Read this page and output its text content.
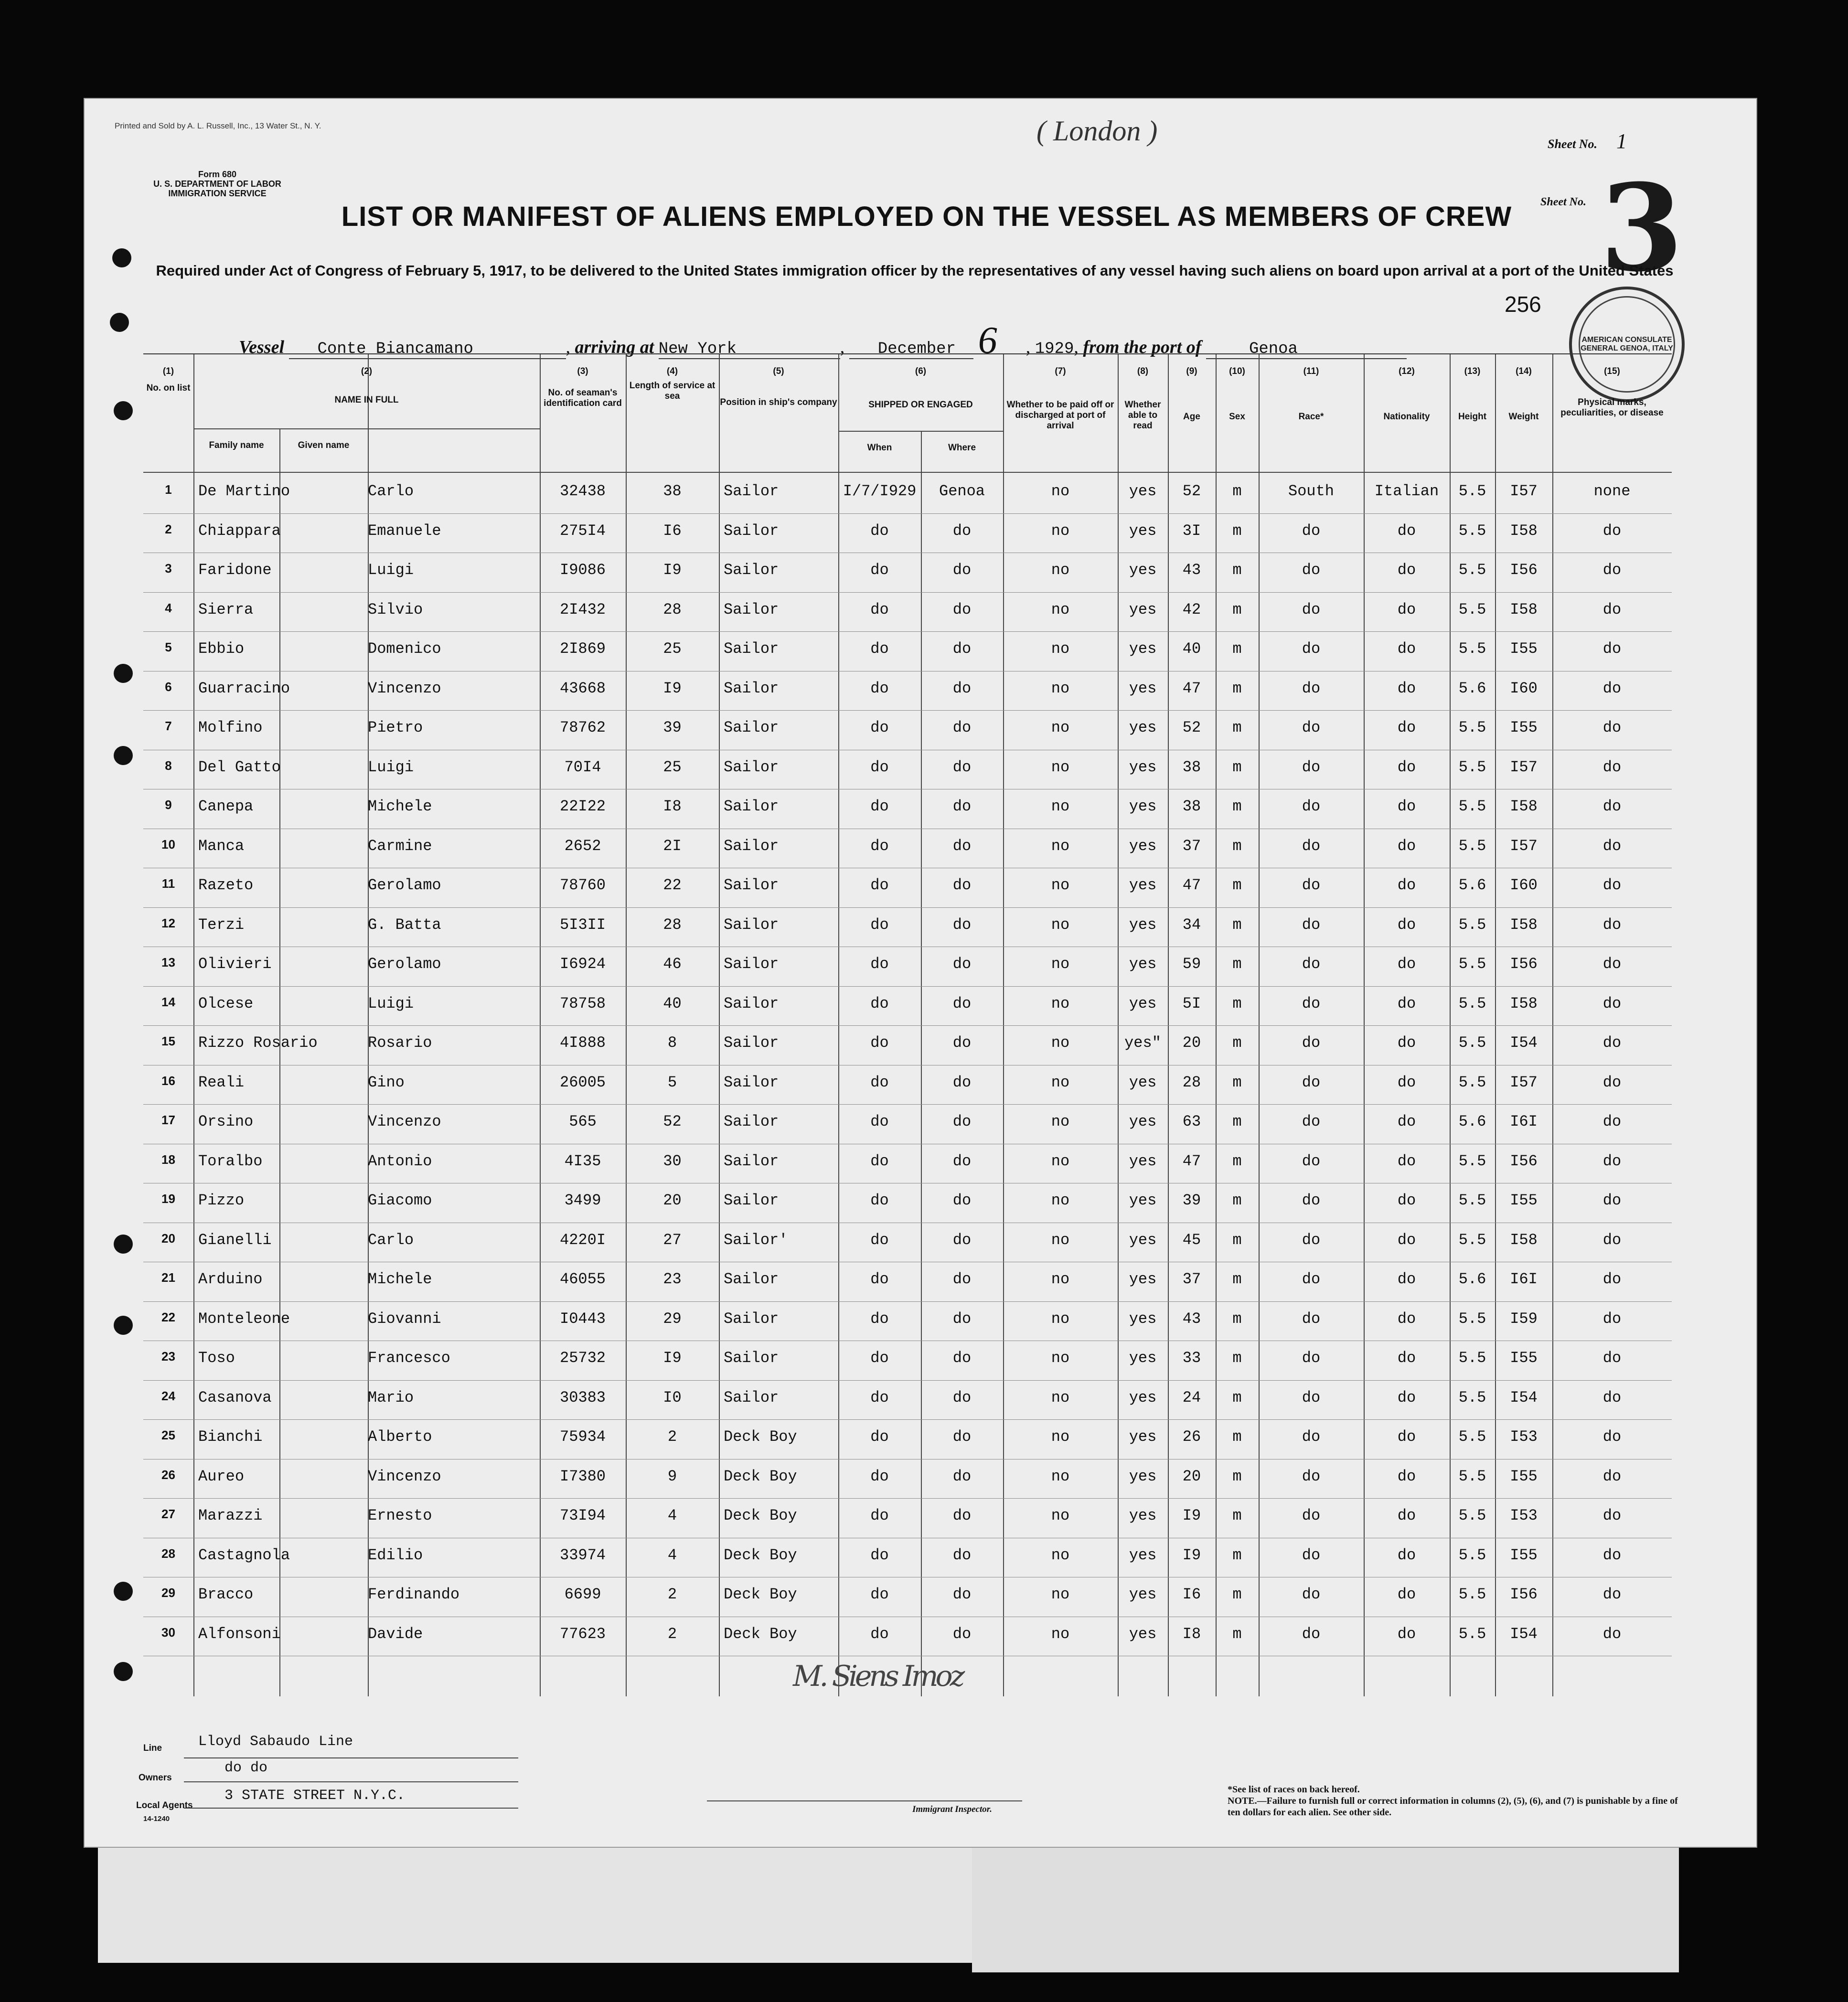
Printed and Sold by A. L. Russell, Inc., 13 Water St., N. Y.	( London )	Sheet No. 1
Form 680
U. S. DEPARTMENT OF LABOR
IMMIGRATION SERVICE
LIST OR MANIFEST OF ALIENS EMPLOYED ON THE VESSEL AS MEMBERS OF CREW	Sheet No. 3
Required under Act of Congress of February 5, 1917, to be delivered to the United States immigration officer by the representatives of any vessel having such aliens on board upon arrival at a port of the United States
256
AMERICAN CONSULATE GENERAL GENOA, ITALY
Vessel Conte Biancamano	, arriving at New York	, December 6 , 1929, from the port of	Genoa
(1)
No. on list
(3)
No. of seaman's identification card
(4)
Length of service at sea
(5)
Position in ship's company
(7)
Whether to be paid off or discharged at port of arrival
(8)
Whether able to read
(9)
Age
(10)
Sex
(11)
Race*
(12)
Nationality
(13)
Height
(14)
Weight
(15)
Physical marks, peculiarities, or disease
(2)
NAME IN FULL
Family name	Given name
(6)
SHIPPED OR ENGAGED
When	Where
1	De Martino	Carlo	32438	38	Sailor	I/7/I929	Genoa	no	yes	52	m	South	Italian	5.5	I57	none
2	Chiappara	Emanuele	275I4	I6	Sailor	do	do	no	yes	3I	m	do	do	5.5	I58	do
3	Faridone	Luigi	I9086	I9	Sailor	do	do	no	yes	43	m	do	do	5.5	I56	do
4	Sierra	Silvio	2I432	28	Sailor	do	do	no	yes	42	m	do	do	5.5	I58	do
5	Ebbio	Domenico	2I869	25	Sailor	do	do	no	yes	40	m	do	do	5.5	I55	do
6	Guarracino	Vincenzo	43668	I9	Sailor	do	do	no	yes	47	m	do	do	5.6	I60	do
7	Molfino	Pietro	78762	39	Sailor	do	do	no	yes	52	m	do	do	5.5	I55	do
8	Del Gatto	Luigi	70I4	25	Sailor	do	do	no	yes	38	m	do	do	5.5	I57	do
9	Canepa	Michele	22I22	I8	Sailor	do	do	no	yes	38	m	do	do	5.5	I58	do
10	Manca	Carmine	2652	2I	Sailor	do	do	no	yes	37	m	do	do	5.5	I57	do
11	Razeto	Gerolamo	78760	22	Sailor	do	do	no	yes	47	m	do	do	5.6	I60	do
12	Terzi	G. Batta	5I3II	28	Sailor	do	do	no	yes	34	m	do	do	5.5	I58	do
13	Olivieri	Gerolamo	I6924	46	Sailor	do	do	no	yes	59	m	do	do	5.5	I56	do
14	Olcese	Luigi	78758	40	Sailor	do	do	no	yes	5I	m	do	do	5.5	I58	do
15	Rizzo Rosario	Rosario	4I888	8	Sailor	do	do	no	yes"	20	m	do	do	5.5	I54	do
16	Reali	Gino	26005	5	Sailor	do	do	no	yes	28	m	do	do	5.5	I57	do
17	Orsino	Vincenzo	565	52	Sailor	do	do	no	yes	63	m	do	do	5.6	I6I	do
18	Toralbo	Antonio	4I35	30	Sailor	do	do	no	yes	47	m	do	do	5.5	I56	do
19	Pizzo	Giacomo	3499	20	Sailor	do	do	no	yes	39	m	do	do	5.5	I55	do
20	Gianelli	Carlo	4220I	27	Sailor'	do	do	no	yes	45	m	do	do	5.5	I58	do
21	Arduino	Michele	46055	23	Sailor	do	do	no	yes	37	m	do	do	5.6	I6I	do
22	Monteleone	Giovanni	I0443	29	Sailor	do	do	no	yes	43	m	do	do	5.5	I59	do
23	Toso	Francesco	25732	I9	Sailor	do	do	no	yes	33	m	do	do	5.5	I55	do
24	Casanova	Mario	30383	I0	Sailor	do	do	no	yes	24	m	do	do	5.5	I54	do
25	Bianchi	Alberto	75934	2	Deck Boy	do	do	no	yes	26	m	do	do	5.5	I53	do
26	Aureo	Vincenzo	I7380	9	Deck Boy	do	do	no	yes	20	m	do	do	5.5	I55	do
27	Marazzi	Ernesto	73I94	4	Deck Boy	do	do	no	yes	I9	m	do	do	5.5	I53	do
28	Castagnola	Edilio	33974	4	Deck Boy	do	do	no	yes	I9	m	do	do	5.5	I55	do
29	Bracco	Ferdinando	6699	2	Deck Boy	do	do	no	yes	I6	m	do	do	5.5	I56	do
30	Alfonsoni	Davide	77623	2	Deck Boy	do	do	no	yes	I8	m	do	do	5.5	I54	do
M. Siens Imoz
Line	Lloyd Sabaudo Line
Owners
do do
Local Agents
3 STATE STREET N.Y.C.
14-1240
Immigrant Inspector.
*See list of races on back hereof.
NOTE.—Failure to furnish full or correct information in columns (2), (5), (6), and (7) is punishable by a fine of ten dollars for each alien. See other side.
